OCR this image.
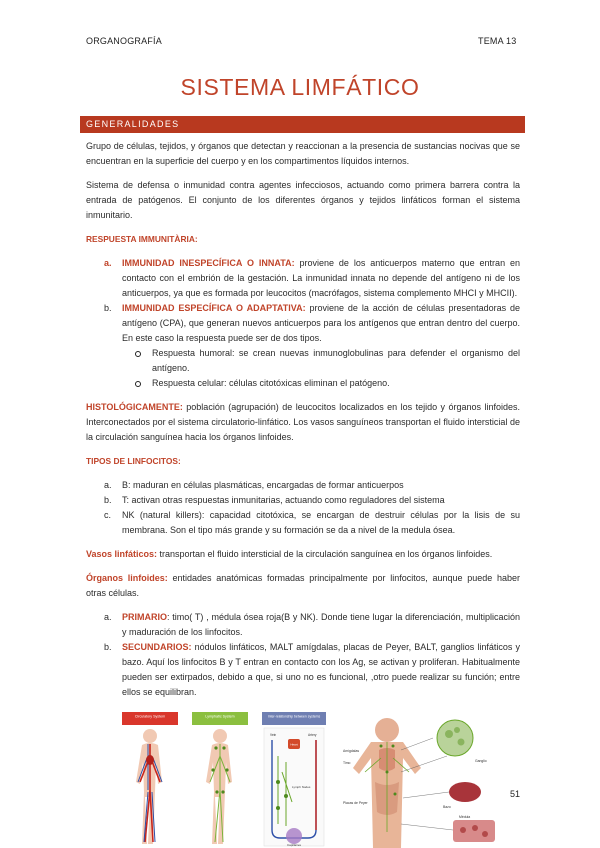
ORGANOGRAFÍA	TEMA 13
SISTEMA LIMFÁTICO
GENERALIDADES

Grupo de células, tejidos, y órganos que detectan y reaccionan a la presencia de sustancias nocivas que se encuentran en la superficie del cuerpo y en los compartimentos líquidos internos.

Sistema de defensa o inmunidad contra agentes infecciosos, actuando como primera barrera contra la entrada de patógenos. El conjunto de los diferentes órganos y tejidos linfáticos forman el sistema inmunitario.

RESPUESTA IMMUNITÀRIA:

a. IMMUNIDAD INESPECÍFICA O INNATA: proviene de los anticuerpos materno que entran en contacto con el embrión de la gestación. La inmunidad innata no depende del antígeno ni de los anticuerpos, ya que es formada por leucocitos (macrófagos, sistema complemento MHCI y MHCII).
b. IMMUNIDAD ESPECÍFICA O ADAPTATIVA: proviene de la acción de células presentadoras de antígeno (CPA), que generan nuevos anticuerpos para los antígenos que entran dentro del cuerpo. En este caso la respuesta puede ser de dos tipos.
Respuesta humoral: se crean nuevas inmunoglobulinas para defender el organismo del antígeno.
Respuesta celular: células citotóxicas eliminan el patógeno.

HISTOLÓGICAMENTE: población (agrupación) de leucocitos localizados en los tejido y órganos linfoides. Interconectados por el sistema circulatorio-linfático. Los vasos sanguíneos transportan el fluido intersticial de la circulación sanguínea hacia los órganos linfoides.

TIPOS DE LINFOCITOS:

a. B: maduran en células plasmáticas, encargadas de formar anticuerpos
b. T: activan otras respuestas inmunitarias, actuando como reguladores del sistema
c. NK (natural killers): capacidad citotóxica, se encargan de destruir células por la lisis de su membrana. Son el tipo más grande y su formación se da a nivel de la medula ósea.

Vasos linfáticos: transportan el fluido intersticial de la circulación sanguínea en los órganos linfoides.

Órganos linfoides: entidades anatómicas formadas principalmente por linfocitos, aunque puede haber otras células.

a. PRIMARIO: timo( T) , médula ósea roja(B y NK). Donde tiene lugar la diferenciación, multiplicación y maduración de los linfocitos.
b. SECUNDARIOS: nódulos linfáticos, MALT amígdalas, placas de Peyer, BALT, ganglios linfáticos y bazo. Aquí los linfocitos B y T entran en contacto con los Ag, se activan y proliferan. Habitualmente pueden ser extirpados, debido a que, si uno no es funcional, ,otro puede realizar su función; entre ellos se equilibran.
Circulatory System	Lymphatic System	Inter-relationship between systems
Vein	Artery
Heart
Lymph Nodes
Capillaries
Amígdalas
Timo
Bazo
Ganglio
Placas de Peyer
Médula
51
